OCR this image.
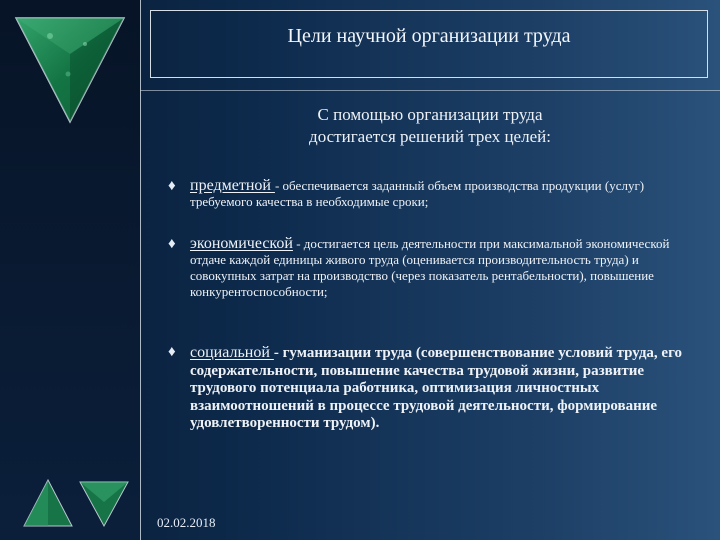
Цели научной организации труда
С помощью организации труда
достигается решений трех целей:
♦ предметной - обеспечивается заданный объем производства продукции (услуг) требуемого качества в необходимые сроки;
♦ экономической - достигается цель деятельности при максимальной экономической отдаче каждой единицы живого труда (оценивается производительность труда) и совокупных затрат на производство (через показатель рентабельности), повышение конкурентоспособности;
♦ социальной - гуманизации труда (совершенствование условий труда, его содержательности, повышение качества трудовой жизни, развитие трудового потенциала работника, оптимизация личностных взаимоотношений в процессе трудовой деятельности, формирование удовлетворенности трудом).
02.02.2018
